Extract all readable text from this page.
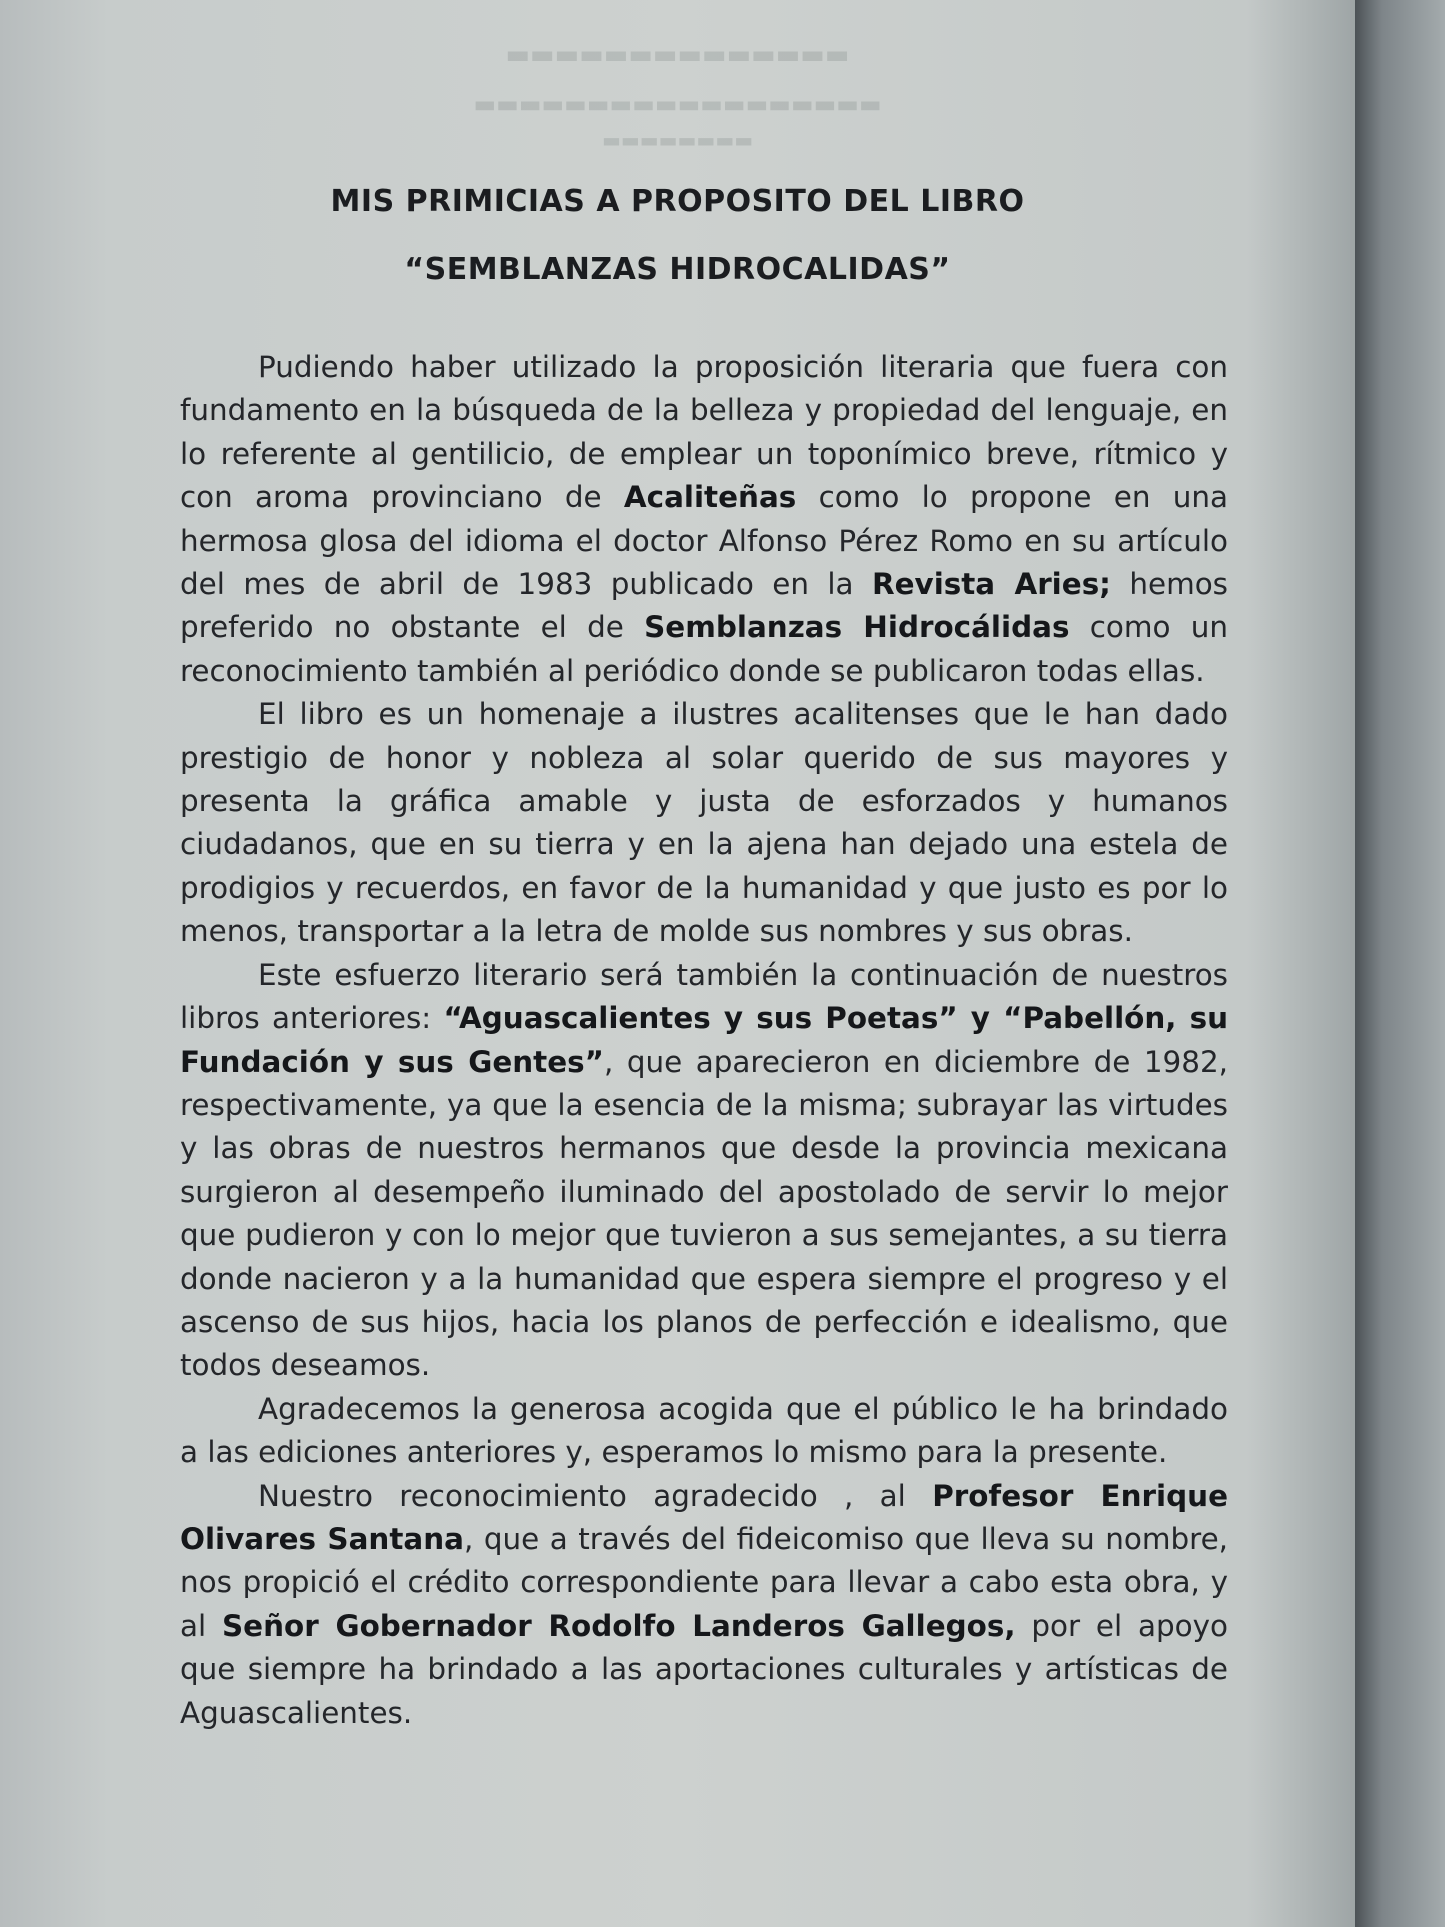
▬▬▬▬▬▬▬▬▬▬▬▬▬▬
▬▬▬▬▬▬▬▬▬▬▬▬▬▬▬▬▬▬
▬▬▬▬▬▬▬▬
MIS PRIMICIAS A PROPOSITO DEL LIBRO
“SEMBLANZAS HIDROCALIDAS”

Pudiendo haber utilizado la proposición literaria que fuera con fundamento en la búsqueda de la belleza y propiedad del lenguaje, en lo referente al gentilicio, de emplear un toponímico breve, rítmico y con aroma provinciano de Acaliteñas como lo propone en una hermosa glosa del idioma el doctor Alfonso Pérez Romo en su artículo del mes de abril de 1983 publicado en la Revista Aries; hemos preferido no obstante el de Semblanzas Hidrocálidas como un reconocimiento también al periódico donde se publicaron todas ellas.

El libro es un homenaje a ilustres acalitenses que le han dado prestigio de honor y nobleza al solar querido de sus mayores y presenta la gráfica amable y justa de esforzados y humanos ciudadanos, que en su tierra y en la ajena han dejado una estela de prodigios y recuerdos, en favor de la humanidad y que justo es por lo menos, transportar a la letra de molde sus nombres y sus obras.

Este esfuerzo literario será también la continuación de nuestros libros anteriores: “Aguascalientes y sus Poetas” y “Pabellón, su Fundación y sus Gentes”, que aparecieron en diciembre de 1982, respectivamente, ya que la esencia de la misma; subrayar las virtudes y las obras de nuestros hermanos que desde la provincia mexicana surgieron al desempeño iluminado del apostolado de servir lo mejor que pudieron y con lo mejor que tuvieron a sus semejantes, a su tierra donde nacieron y a la humanidad que espera siempre el progreso y el ascenso de sus hijos, hacia los planos de perfección e idealismo, que todos deseamos.

Agradecemos la generosa acogida que el público le ha brindado a las ediciones anteriores y, esperamos lo mismo para la presente.

Nuestro reconocimiento agradecido , al Profesor Enrique Olivares Santana, que a través del fideicomiso que lleva su nombre, nos propició el crédito correspondiente para llevar a cabo esta obra, y al Señor Gobernador Rodolfo Landeros Gallegos, por el apoyo que siempre ha brindado a las aportaciones culturales y artísticas de Aguascalientes.
